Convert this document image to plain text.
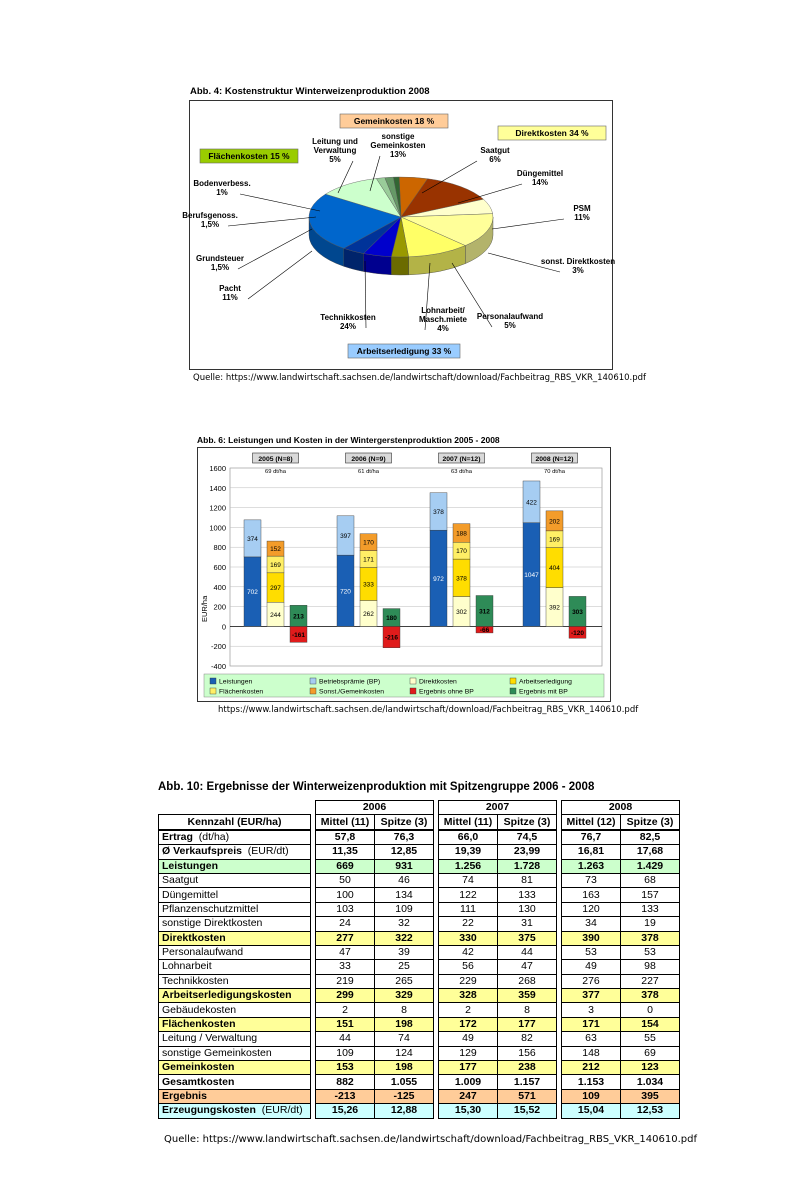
Abb. 4: Kostenstruktur Winterweizenproduktion 2008
Leitung und Verwaltung 5%
sonstige Gemeinkosten 13%	Saatgut 6%
Düngemittel 14%
PSM 11%
sonst. Direktkosten 3%
Personalaufwand 5%
Lohnarbeit/ Masch.miete 4%
Technikkosten 24%
Pacht 11%
Grundsteuer 1,5%
Berufsgenoss. 1,5%
Bodenverbess. 1%
Gemeinkosten 18 %
Direktkosten 34 %
Flächenkosten 15 %
Arbeitserledigung 33 %
Quelle: https://www.landwirtschaft.sachsen.de/landwirtschaft/download/Fachbeitrag_RBS_VKR_140610.pdf
Abb. 6: Leistungen und Kosten in der Wintergerstenproduktion 2005 - 2008
-400
-200
0
200
400
600
800
1000
1200
1400
1600
EUR/ha
2005 (N=8)
69 dt/ha
702
374
244
297
169
152
-161
213
2006 (N=9)
61 dt/ha
720
397
262
333
171
170
-216
180
2007 (N=12)
63 dt/ha
972
378
302
378
170
188
-66
312
2008 (N=12)
70 dt/ha
1047
422
392
404
169
202
-120
303
Leistungen	Betriebsprämie (BP)	Direktkosten	Arbeitserledigung
Flächenkosten	Sonst./Gemeinkosten	Ergebnis ohne BP	Ergebnis mit BP
https://www.landwirtschaft.sachsen.de/landwirtschaft/download/Fachbeitrag_RBS_VKR_140610.pdf
Abb. 10: Ergebnisse der Winterweizenproduktion mit Spitzengruppe 2006 - 2008
		2006			2007			2008	
Kennzahl (EUR/ha)		Mittel (11)	Spitze (3)		Mittel (11)	Spitze (3)		Mittel (12)	Spitze (3)
Ertrag  (dt/ha)		57,8	76,3		66,0	74,5		76,7	82,5
Ø Verkaufspreis  (EUR/dt)		11,35	12,85		19,39	23,99		16,81	17,68
Leistungen		669	931		1.256	1.728		1.263	1.429
Saatgut		50	46		74	81		73	68
Düngemittel		100	134		122	133		163	157
Pflanzenschutzmittel		103	109		111	130		120	133
sonstige Direktkosten		24	32		22	31		34	19
Direktkosten		277	322		330	375		390	378
Personalaufwand		47	39		42	44		53	53
Lohnarbeit		33	25		56	47		49	98
Technikkosten		219	265		229	268		276	227
Arbeitserledigungskosten		299	329		328	359		377	378
Gebäudekosten		2	8		2	8		3	0
Flächenkosten		151	198		172	177		171	154
Leitung / Verwaltung		44	74		49	82		63	55
sonstige Gemeinkosten		109	124		129	156		148	69
Gemeinkosten		153	198		177	238		212	123
Gesamtkosten		882	1.055		1.009	1.157		1.153	1.034
Ergebnis		-213	-125		247	571		109	395
Erzeugungskosten  (EUR/dt)		15,26	12,88		15,30	15,52		15,04	12,53
Quelle: https://www.landwirtschaft.sachsen.de/landwirtschaft/download/Fachbeitrag_RBS_VKR_140610.pdf
